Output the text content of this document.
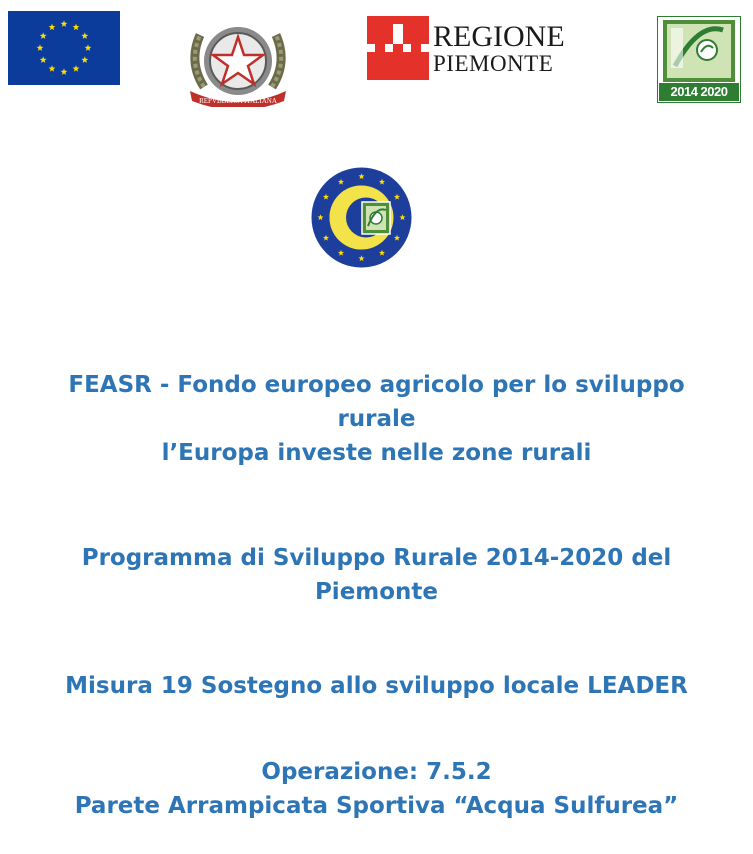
REPVBBLICA ITALIANA
REGIONE
PIEMONTE
2014 2020
FEASR - Fondo europeo agricolo per lo sviluppo
rurale
l’Europa investe nelle zone rurali
Programma di Sviluppo Rurale 2014-2020 del
Piemonte
Misura 19 Sostegno allo sviluppo locale LEADER
Operazione: 7.5.2
Parete Arrampicata Sportiva “Acqua Sulfurea”
